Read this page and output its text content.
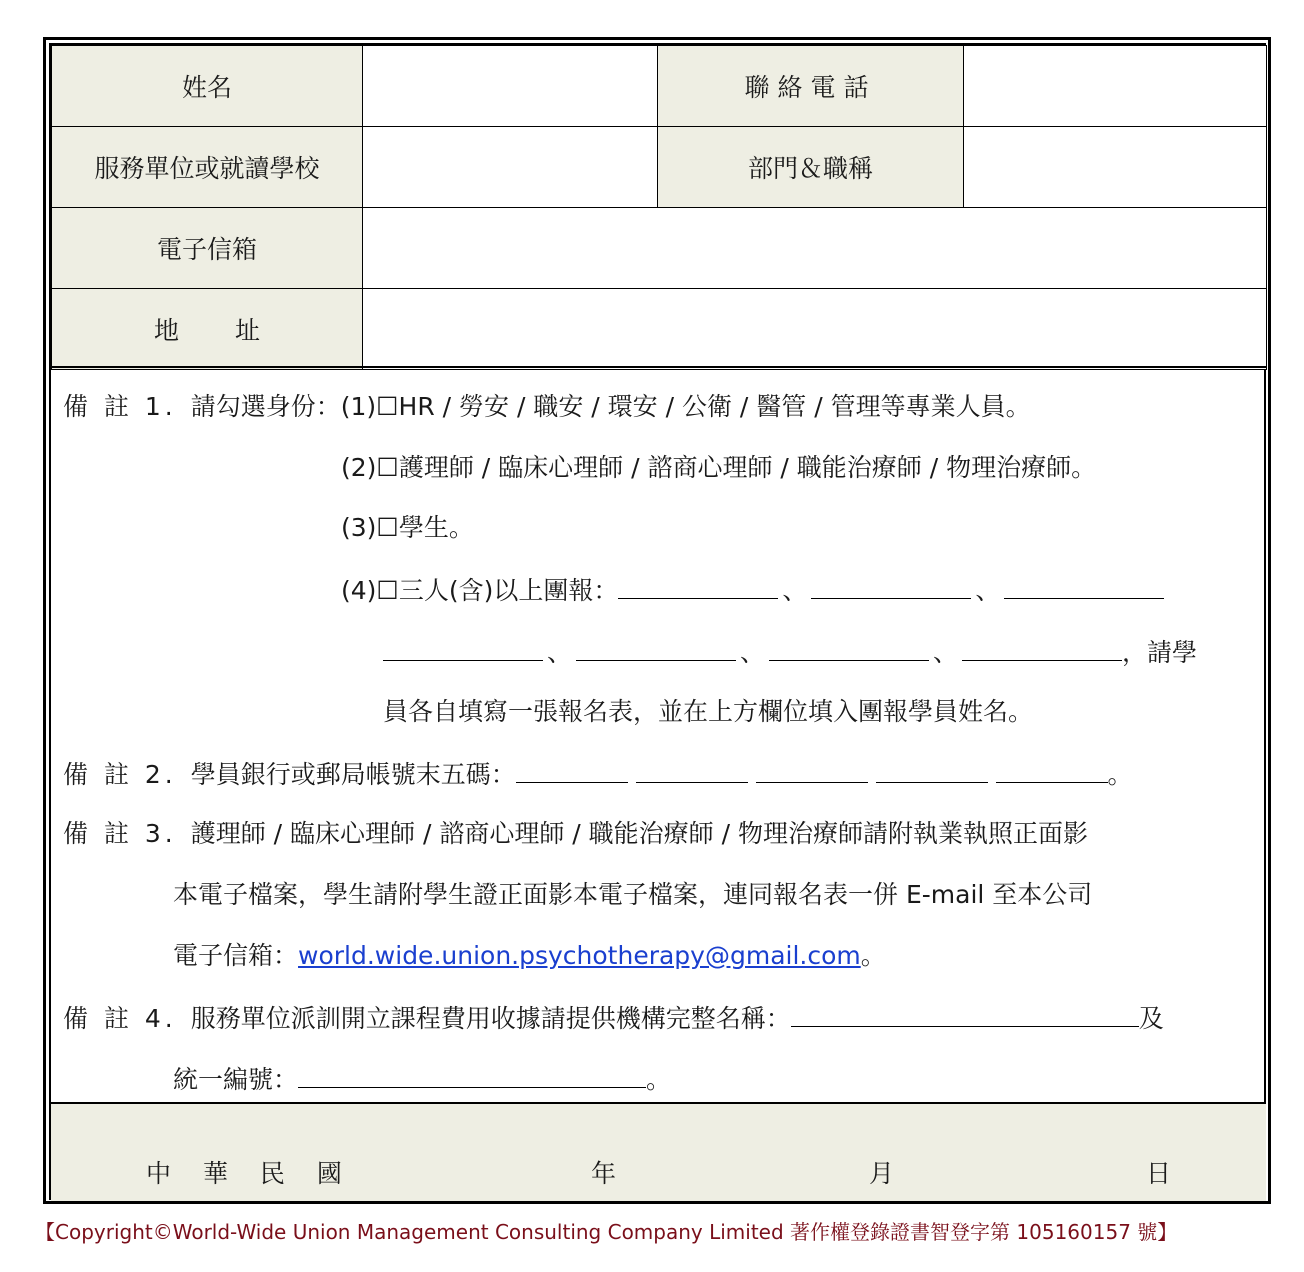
姓名		聯絡電話	
服務單位或就讀學校		部門＆職稱	
電子信箱			
地址			
備 註 1. 請勾選身份：(1)☐HR / 勞安 / 職安 / 環安 / 公衛 / 醫管 / 管理等專業人員。
(2)☐護理師 / 臨床心理師 / 諮商心理師 / 職能治療師 / 物理治療師。
(3)☐學生。
(4)☐三人(含)以上團報：	、	、
、	、	、	，請學
員各自填寫一張報名表，並在上方欄位填入團報學員姓名。
備 註 2. 學員銀行或郵局帳號末五碼：	。
備 註 3. 護理師 / 臨床心理師 / 諮商心理師 / 職能治療師 / 物理治療師請附執業執照正面影
本電子檔案，學生請附學生證正面影本電子檔案，連同報名表一併 E-mail 至本公司
電子信箱：world.wide.union.psychotherapy@gmail.com。
備 註 4. 服務單位派訓開立課程費用收據請提供機構完整名稱：	及
統一編號：	。
中 華 民 國	年	月	日
【Copyright©World-Wide Union Management Consulting Company Limited 著作權登錄證書智登字第 105160157 號】
